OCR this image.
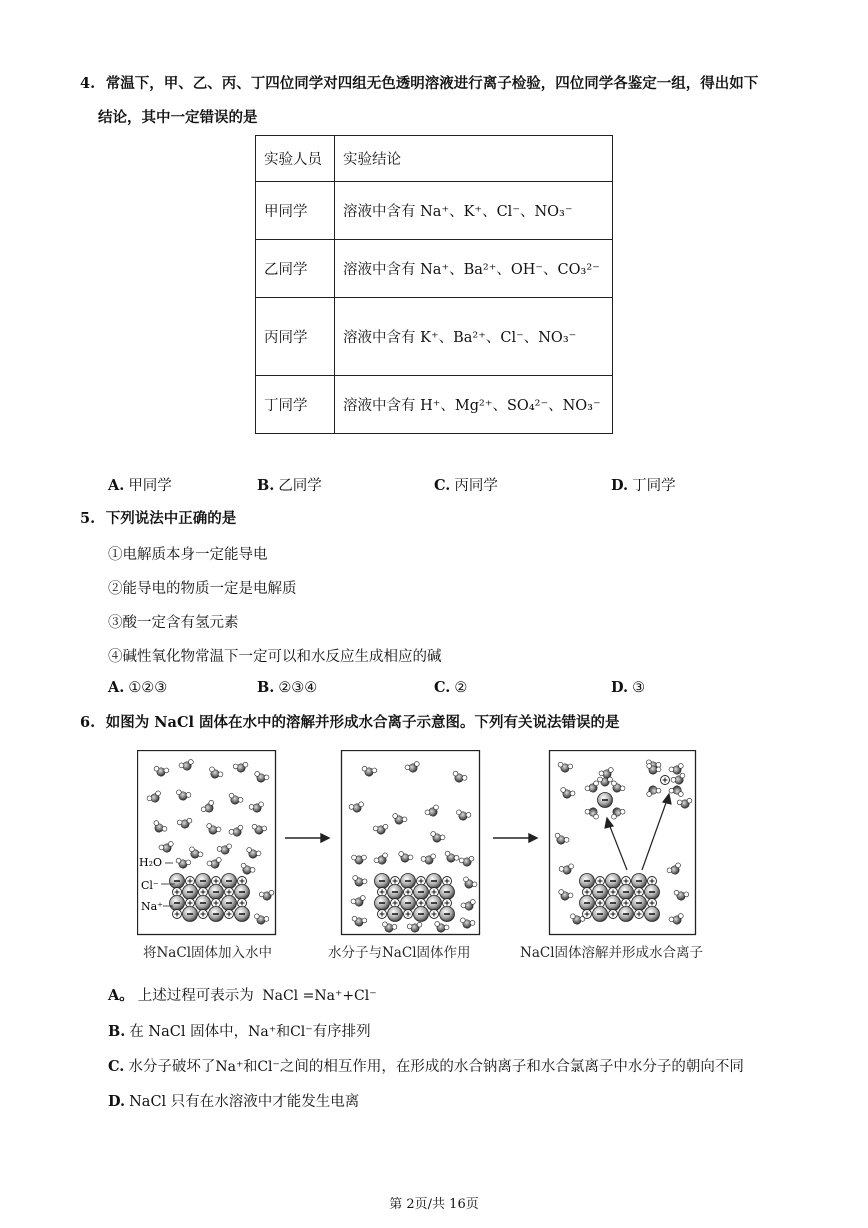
4. 常温下，甲、乙、丙、丁四位同学对四组无色透明溶液进行离子检验，四位同学各鉴定一组，得出如下
结论，其中一定错误的是
实验人员	实验结论
甲同学	溶液中含有 Na⁺、K⁺、Cl⁻、NO₃⁻
乙同学	溶液中含有 Na⁺、Ba²⁺、OH⁻、CO₃²⁻
丙同学	溶液中含有 K⁺、Ba²⁺、Cl⁻、NO₃⁻
丁同学	溶液中含有 H⁺、Mg²⁺、SO₄²⁻、NO₃⁻
A. 甲同学	B. 乙同学	C. 丙同学	D. 丁同学
5. 下列说法中正确的是
①电解质本身一定能导电
②能导电的物质一定是电解质
③酸一定含有氢元素
④碱性氧化物常温下一定可以和水反应生成相应的碱
A. ①②③	B. ②③④	C. ②	D. ③
6. 如图为 NaCl 固体在水中的溶解并形成水合离子示意图。下列有关说法错误的是
H₂O
Cl⁻
Na⁺
将NaCl固体加入水中	水分子与NaCl固体作用	NaCl固体溶解并形成水合离子
A。 上述过程可表示为 NaCl =Na⁺+Cl⁻
B. 在 NaCl 固体中，Na⁺和Cl⁻有序排列
C. 水分子破坏了Na⁺和Cl⁻之间的相互作用，在形成的水合钠离子和水合氯离子中水分子的朝向不同
D. NaCl 只有在水溶液中才能发生电离
第 2页/共 16页
